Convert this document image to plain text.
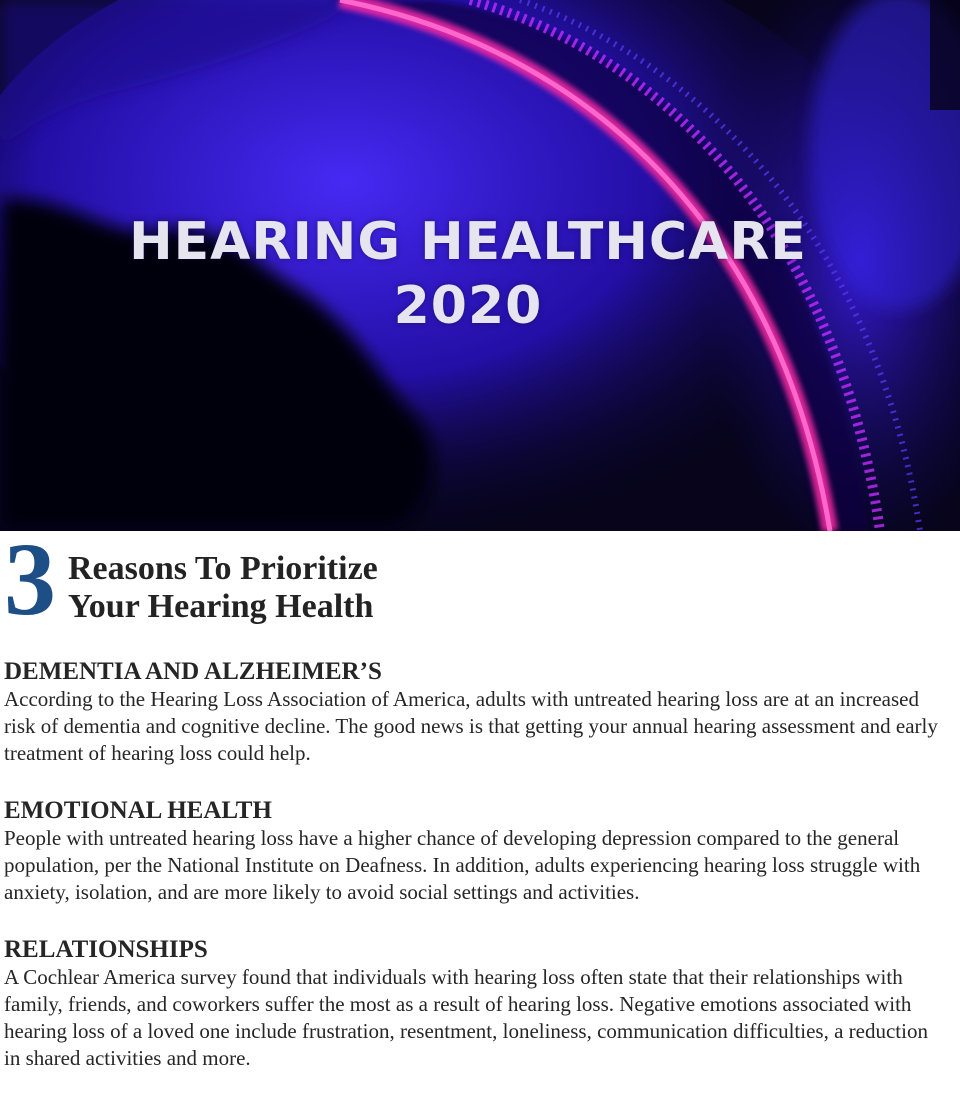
HEARING HEALTHCARE
2020
3 Reasons To Prioritize
Your Hearing Health
DEMENTIA AND ALZHEIMER’S

According to the Hearing Loss Association of America, adults with untreated hearing loss are at an increased risk of dementia and cognitive decline. The good news is that getting your annual hearing assessment and early treatment of hearing loss could help.

EMOTIONAL HEALTH

People with untreated hearing loss have a higher chance of developing depression compared to the general population, per the National Institute on Deafness. In addition, adults experiencing hearing loss struggle with anxiety, isolation, and are more likely to avoid social settings and activities.

RELATIONSHIPS

A Cochlear America survey found that individuals with hearing loss often state that their relationships with family, friends, and coworkers suffer the most as a result of hearing loss. Negative emotions associated with hearing loss of a loved one include frustration, resentment, loneliness, communication difficulties, a reduction in shared activities and more.
